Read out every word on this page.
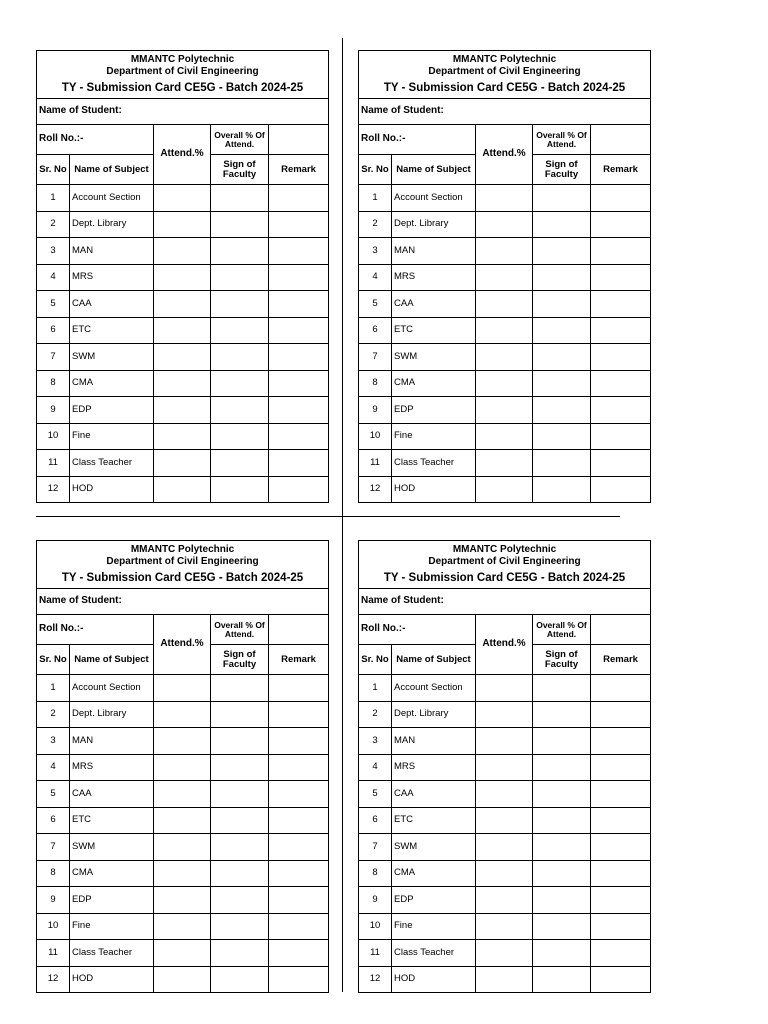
MMANTC Polytechnic
Department of Civil Engineering
TY - Submission Card CE5G - Batch 2024-25				

Name of Student:				
Roll No.:-		Attend.%	Overall % Of Attend.	
Sr. No	Name of Subject		Sign of Faculty	Remark
1	Account Section			
2	Dept. Library			
3	MAN			
4	MRS			
5	CAA			
6	ETC			
7	SWM			
8	CMA			
9	EDP			
10	Fine			
11	Class Teacher			
12	HOD			
MMANTC Polytechnic
Department of Civil Engineering
TY - Submission Card CE5G - Batch 2024-25				

Name of Student:				
Roll No.:-		Attend.%	Overall % Of Attend.	
Sr. No	Name of Subject		Sign of Faculty	Remark
1	Account Section			
2	Dept. Library			
3	MAN			
4	MRS			
5	CAA			
6	ETC			
7	SWM			
8	CMA			
9	EDP			
10	Fine			
11	Class Teacher			
12	HOD			
MMANTC Polytechnic
Department of Civil Engineering
TY - Submission Card CE5G - Batch 2024-25				

Name of Student:				
Roll No.:-		Attend.%	Overall % Of Attend.	
Sr. No	Name of Subject		Sign of Faculty	Remark
1	Account Section			
2	Dept. Library			
3	MAN			
4	MRS			
5	CAA			
6	ETC			
7	SWM			
8	CMA			
9	EDP			
10	Fine			
11	Class Teacher			
12	HOD			
MMANTC Polytechnic
Department of Civil Engineering
TY - Submission Card CE5G - Batch 2024-25				

Name of Student:				
Roll No.:-		Attend.%	Overall % Of Attend.	
Sr. No	Name of Subject		Sign of Faculty	Remark
1	Account Section			
2	Dept. Library			
3	MAN			
4	MRS			
5	CAA			
6	ETC			
7	SWM			
8	CMA			
9	EDP			
10	Fine			
11	Class Teacher			
12	HOD			
